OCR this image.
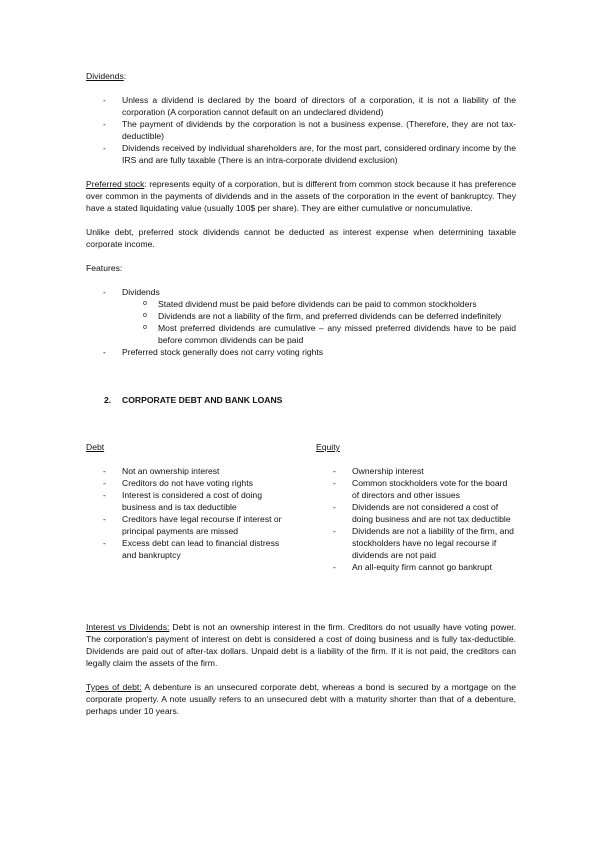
Dividends:

- Unless a dividend is declared by the board of directors of a corporation, it is not a liability of the corporation (A corporation cannot default on an undeclared dividend)
- The payment of dividends by the corporation is not a business expense. (Therefore, they are not tax-deductible)
- Dividends received by individual shareholders are, for the most part, considered ordinary income by the IRS and are fully taxable (There is an intra-corporate dividend exclusion)

Preferred stock: represents equity of a corporation, but is different from common stock because it has preference over common in the payments of dividends and in the assets of the corporation in the event of bankruptcy. They have a stated liquidating value (usually 100$ per share). They are either cumulative or noncumulative.

Unlike debt, preferred stock dividends cannot be deducted as interest expense when determining taxable corporate income.

Features:

- Dividends
o Stated dividend must be paid before dividends can be paid to common stockholders
o Dividends are not a liability of the firm, and preferred dividends can be deferred indefinitely
o Most preferred dividends are cumulative – any missed preferred dividends have to be paid before common dividends can be paid
- Preferred stock generally does not carry voting rights
2. CORPORATE DEBT AND BANK LOANS

Debt

- Not an ownership interest
- Creditors do not have voting rights
- Interest is considered a cost of doing business and is tax deductible
- Creditors have legal recourse if interest or principal payments are missed
- Excess debt can lead to financial distress and bankruptcy

Equity

- Ownership interest
- Common stockholders vote for the board of directors and other issues
- Dividends are not considered a cost of doing business and are not tax deductible
- Dividends are not a liability of the firm, and stockholders have no legal recourse if dividends are not paid
- An all-equity firm cannot go bankrupt

Interest vs Dividends: Debt is not an ownership interest in the firm. Creditors do not usually have voting power. The corporation's payment of interest on debt is considered a cost of doing business and is fully tax-deductible. Dividends are paid out of after-tax dollars. Unpaid debt is a liability of the firm. If it is not paid, the creditors can legally claim the assets of the firm.

Types of debt: A debenture is an unsecured corporate debt, whereas a bond is secured by a mortgage on the corporate property. A note usually refers to an unsecured debt with a maturity shorter than that of a debenture, perhaps under 10 years.
